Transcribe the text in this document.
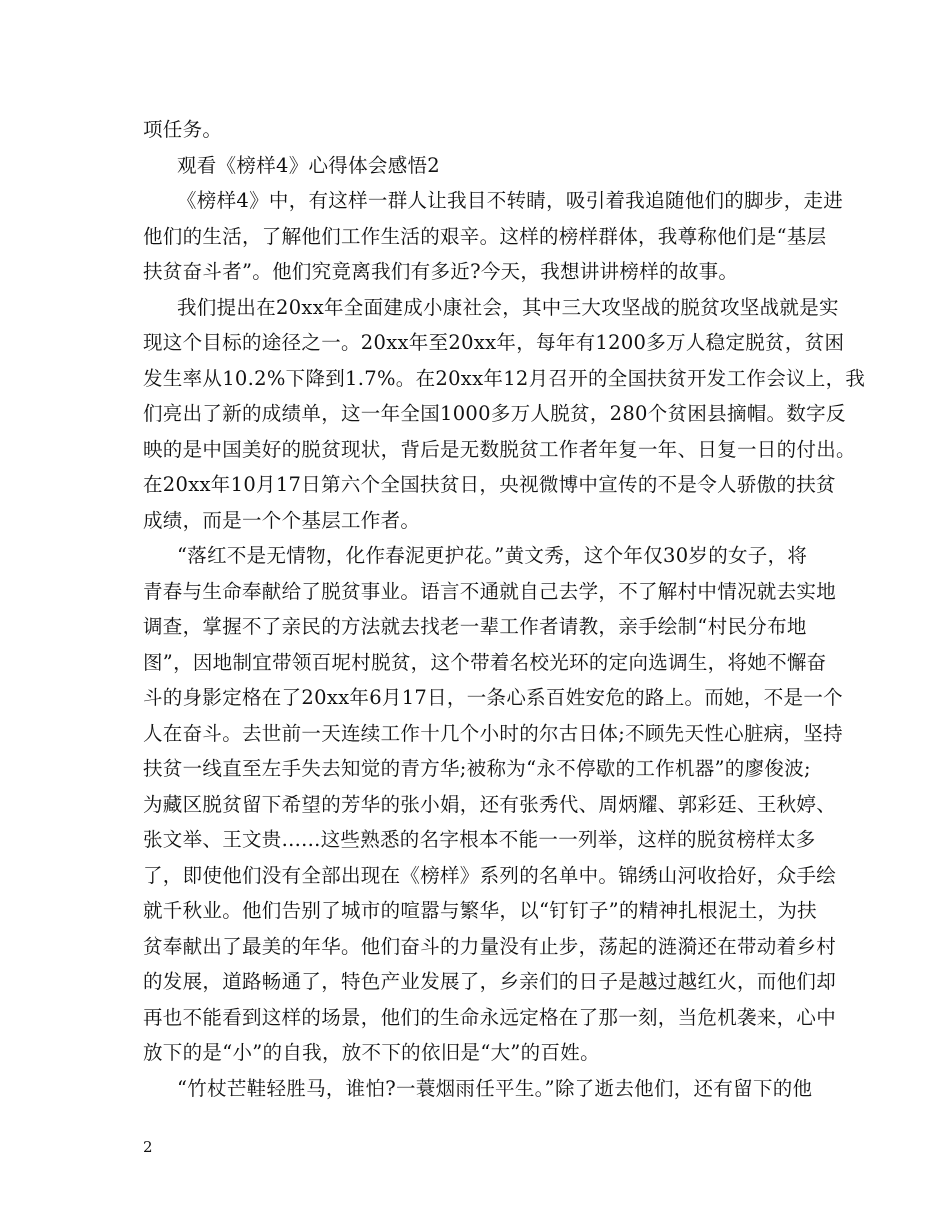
项任务。
观看《榜样4》心得体会感悟2
《榜样4》中，有这样一群人让我目不转睛，吸引着我追随他们的脚步，走进
他们的生活，了解他们工作生活的艰辛。这样的榜样群体，我尊称他们是“基层
扶贫奋斗者”。他们究竟离我们有多近?今天，我想讲讲榜样的故事。
我们提出在20xx年全面建成小康社会，其中三大攻坚战的脱贫攻坚战就是实
现这个目标的途径之一。20xx年至20xx年，每年有1200多万人稳定脱贫，贫困
发生率从10.2%下降到1.7%。在20xx年12月召开的全国扶贫开发工作会议上，我
们亮出了新的成绩单，这一年全国1000多万人脱贫，280个贫困县摘帽。数字反
映的是中国美好的脱贫现状，背后是无数脱贫工作者年复一年、日复一日的付出。
在20xx年10月17日第六个全国扶贫日，央视微博中宣传的不是令人骄傲的扶贫
成绩，而是一个个基层工作者。
“落红不是无情物，化作春泥更护花。”黄文秀，这个年仅30岁的女子，将
青春与生命奉献给了脱贫事业。语言不通就自己去学，不了解村中情况就去实地
调查，掌握不了亲民的方法就去找老一辈工作者请教，亲手绘制“村民分布地
图”，因地制宜带领百坭村脱贫，这个带着名校光环的定向选调生，将她不懈奋
斗的身影定格在了20xx年6月17日，一条心系百姓安危的路上。而她，不是一个
人在奋斗。去世前一天连续工作十几个小时的尔古日体;不顾先天性心脏病，坚持
扶贫一线直至左手失去知觉的青方华;被称为“永不停歇的工作机器”的廖俊波;
为藏区脱贫留下希望的芳华的张小娟，还有张秀代、周炳耀、郭彩廷、王秋婷、
张文举、王文贵......这些熟悉的名字根本不能一一列举，这样的脱贫榜样太多
了，即使他们没有全部出现在《榜样》系列的名单中。锦绣山河收拾好，众手绘
就千秋业。他们告别了城市的喧嚣与繁华，以“钉钉子”的精神扎根泥土，为扶
贫奉献出了最美的年华。他们奋斗的力量没有止步，荡起的涟漪还在带动着乡村
的发展，道路畅通了，特色产业发展了，乡亲们的日子是越过越红火，而他们却
再也不能看到这样的场景，他们的生命永远定格在了那一刻，当危机袭来，心中
放下的是“小”的自我，放不下的依旧是“大”的百姓。
“竹杖芒鞋轻胜马，谁怕?一蓑烟雨任平生。”除了逝去他们，还有留下的他
2
